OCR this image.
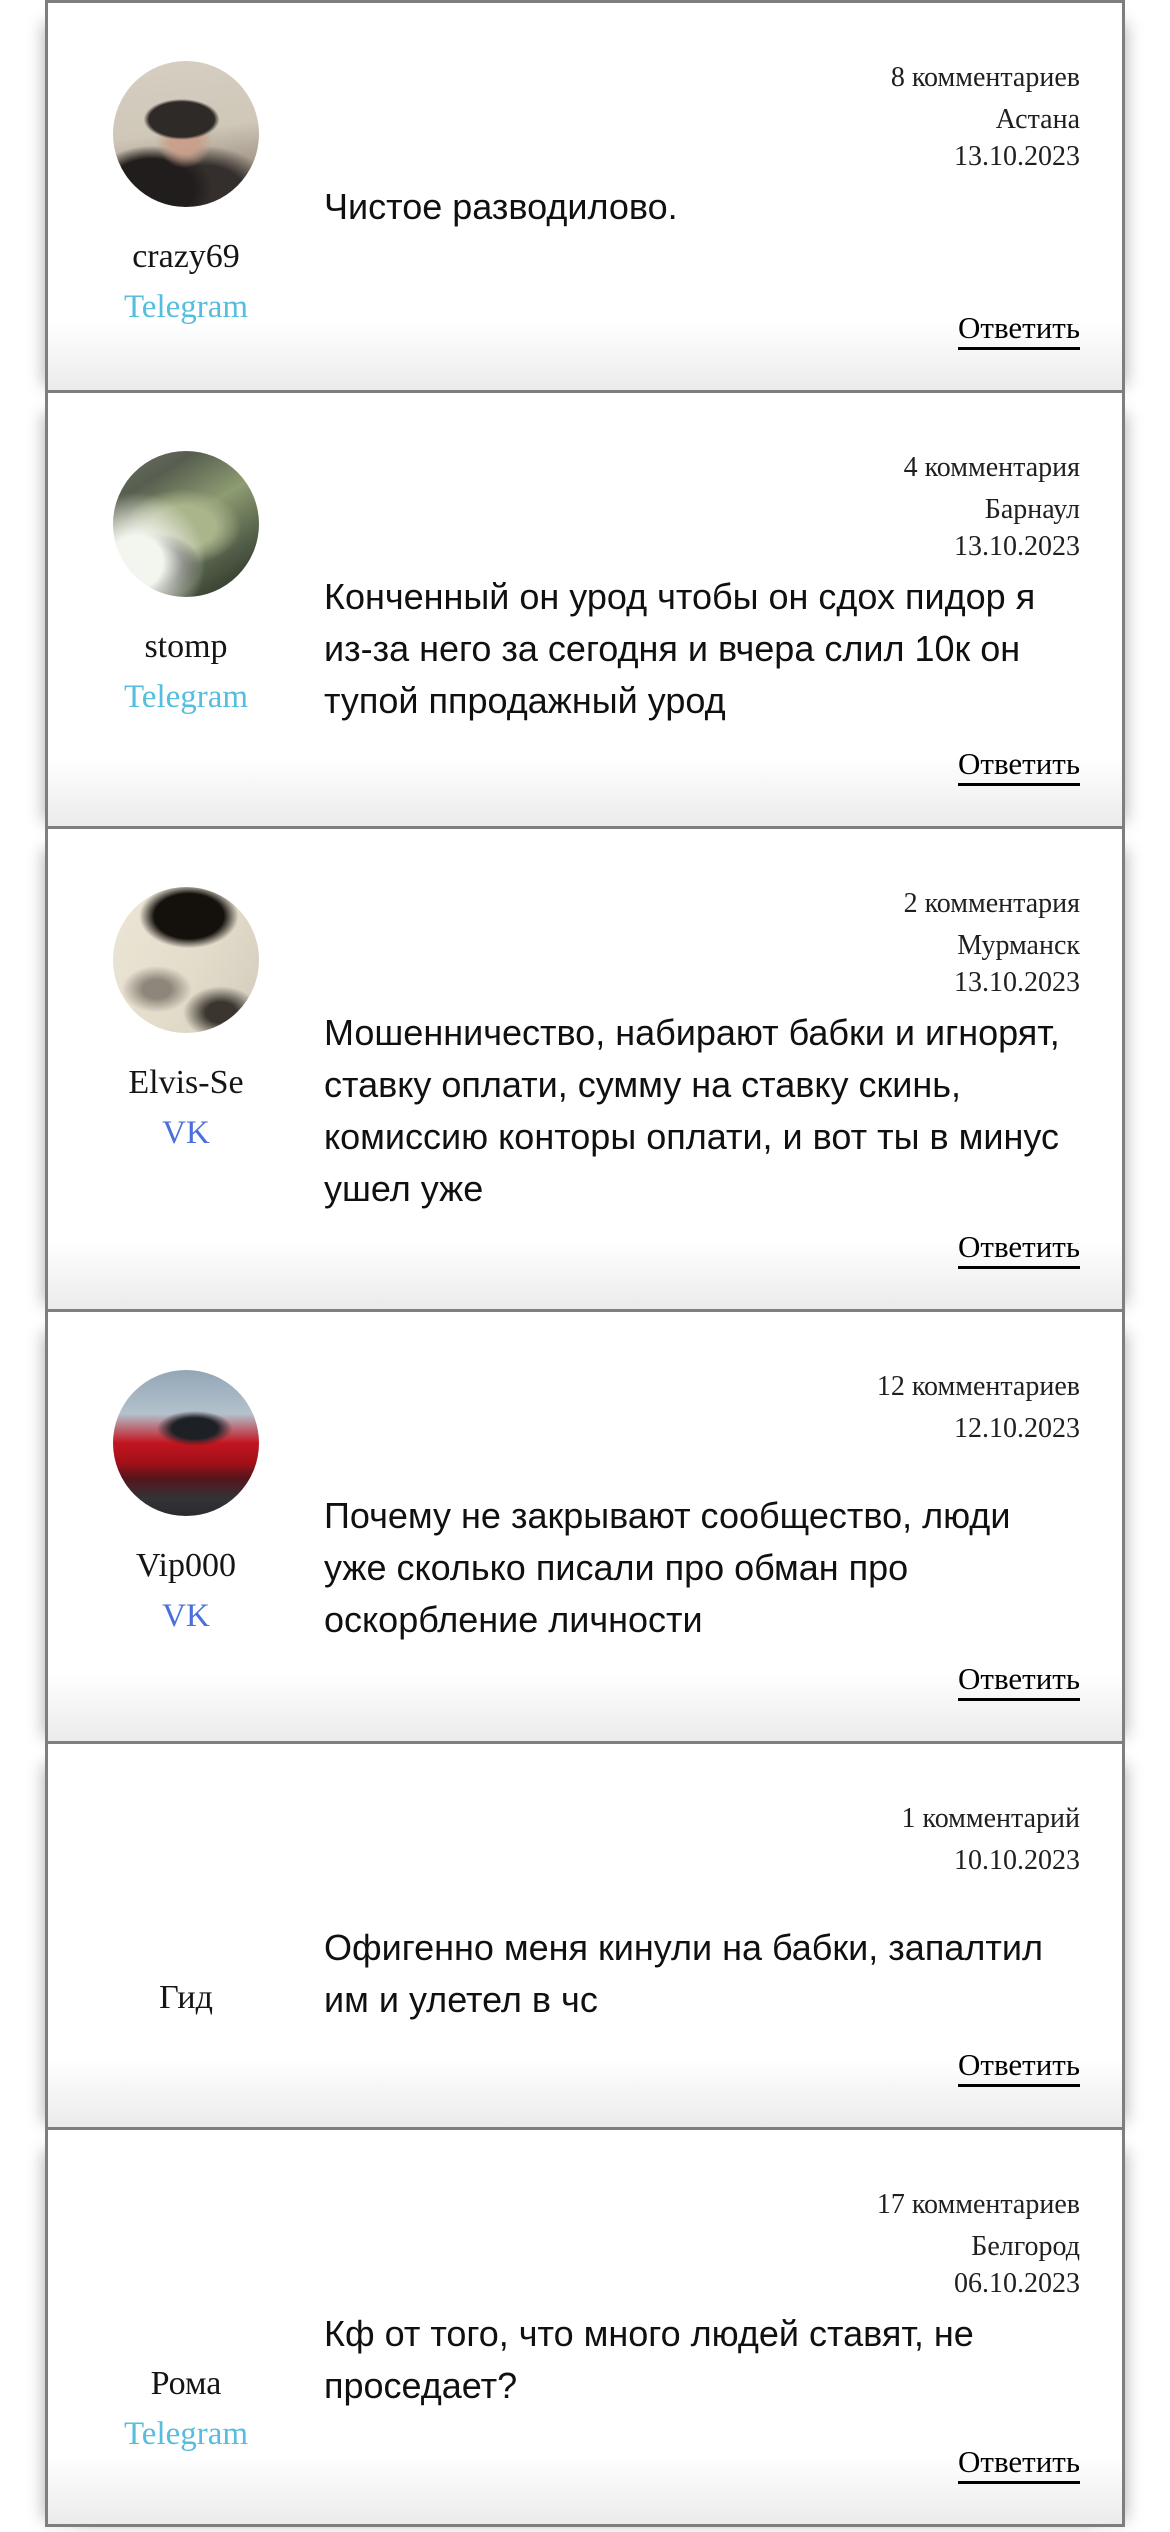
crazy69
Telegram
8 комментариев
Астана
13.10.2023

Чистое разводилово.

Ответить
stomp
Telegram
4 комментария
Барнаул
13.10.2023

Конченный он урод чтобы он сдох пидор я из-за него за сегодня и вчера слил 10к он тупой ппродажный урод

Ответить
Elvis-Se
VK
2 комментария
Мурманск
13.10.2023

Мошенничество, набирают бабки и игнорят, ставку оплати, сумму на ставку скинь, комиссию конторы оплати, и вот ты в минус ушел уже

Ответить
Vip000
VK
12 комментариев
12.10.2023

Почему не закрывают сообщество, люди уже сколько писали про обман про оскорбление личности

Ответить
Гид
1 комментарий
10.10.2023

Офигенно меня кинули на бабки, запалтил им и улетел в чс

Ответить
Рома
Telegram
17 комментариев
Белгород
06.10.2023

Кф от того, что много людей ставят, не проседает?

Ответить
